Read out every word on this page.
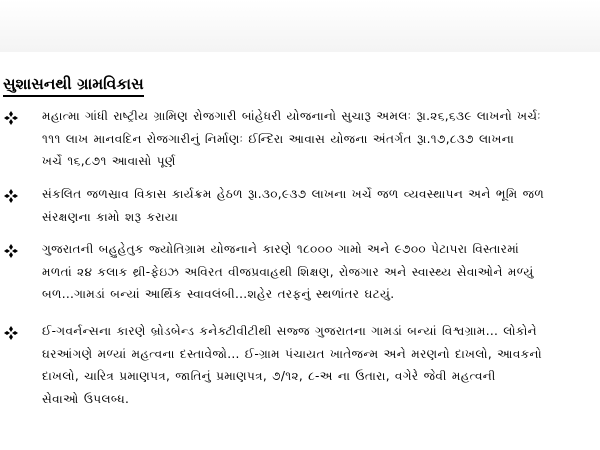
સુશાસનથી ગ્રામવિકાસ
મહાત્મા ગાંધી રાષ્ટ્રીય ગ્રામિણ રોજગારી બાંહેધરી યોજનાનો સુચારૂ અમલઃ રૂા.૨૬,૬૩૯ લાખનો ખર્ચઃ
૧૧૧ લાખ માનવદિન રોજગારીનું નિર્માણઃ ઈન્દિરા આવાસ યોજના અંતર્ગત રૂા.૧૭,૮૩૭ લાખના
ખર્ચે ૧૬,૮૭૧ આવાસો પૂર્ણ
સંકલિત જળસ્રાવ વિકાસ કાર્યક્રમ હેઠળ રૂા.૩૦,૯૩૭ લાખના ખર્ચે જળ વ્યવસ્થાપન અને ભૂમિ જળ
સંરક્ષણના કામો શરૂ કરાયા
ગુજરાતની બહુહેતુક જ્યોતિગ્રામ યોજનાને કારણે ૧૮૦૦૦ ગામો અને ૯૭૦૦ પેટાપરા વિસ્તારમાં
મળતાં ૨૪ કલાક થ્રી-ફેઇઝ અવિરત વીજપ્રવાહથી શિક્ષણ, રોજગાર અને સ્વાસ્થ્ય સેવાઓને મળ્યું
બળ...ગામડાં બન્યાં આર્થિક સ્વાવલંબી...શહેર તરફનું સ્થળાંતર ઘટયું.
ઈ-ગવર્નન્સના કારણે બ્રોડબેન્ડ કનેક્ટીવીટીથી સજ્જ ગુજરાતના ગામડાં બન્યાં વિશ્વગ્રામ... લોકોને
ઘરઆંગણે મળ્યાં મહત્વના દસ્તાવેજો... ઈ-ગ્રામ પંચાયત ખાતેજન્મ અને મરણનો દાખલો, આવકનો
દાખલો, ચારિત્ર પ્રમાણપત્ર, જાતિનું પ્રમાણપત્ર, ૭/૧૨, ૮-અ ના ઉતારા, વગેરે જેવી મહત્વની
સેવાઓ ઉપલબ્ધ.
